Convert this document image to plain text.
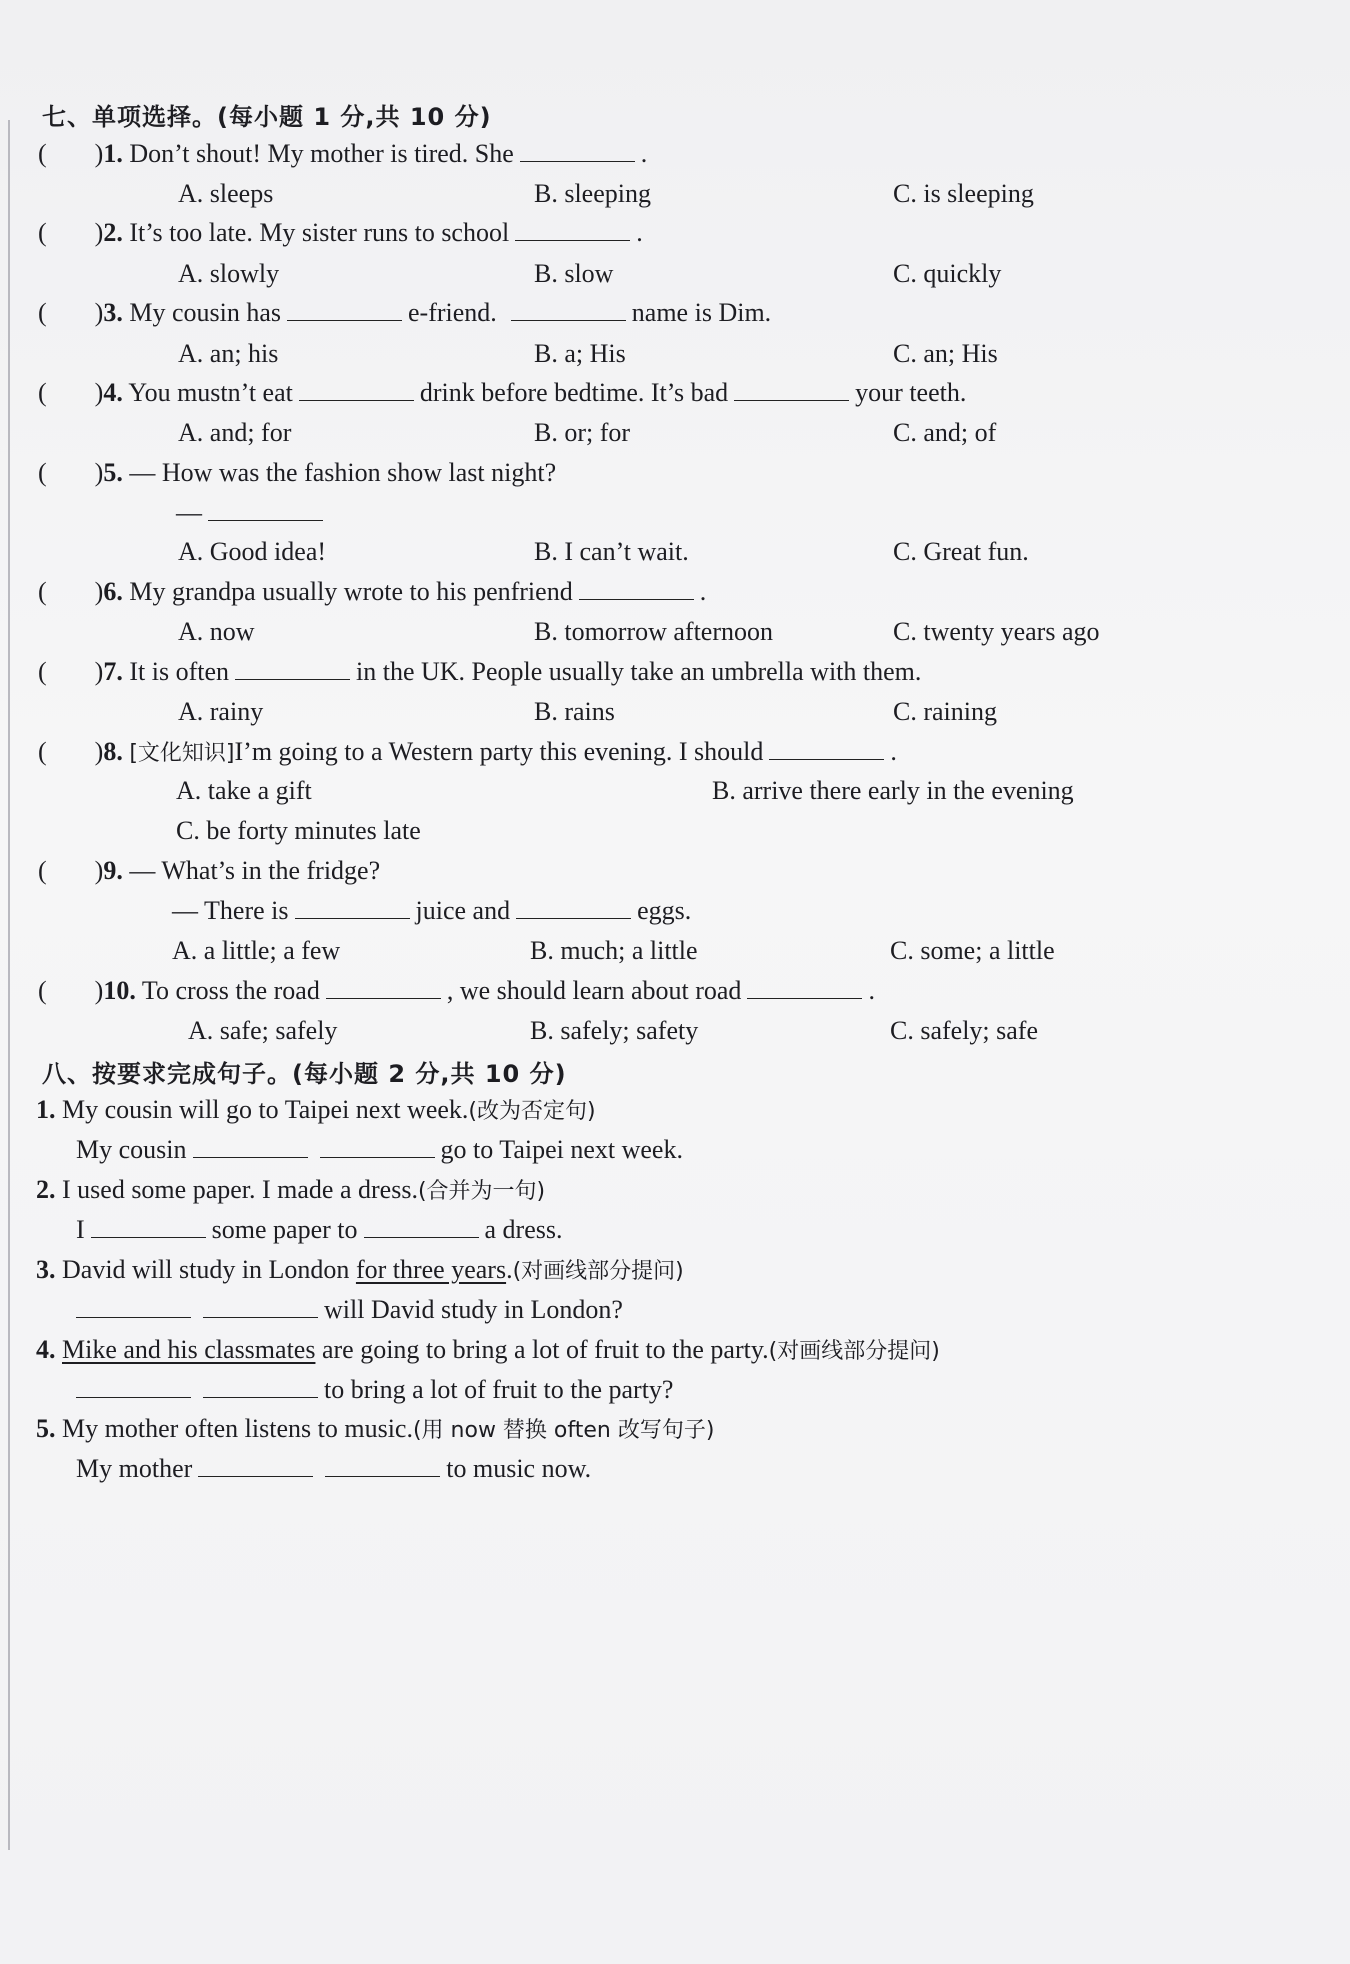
七、单项选择。(每小题 1 分,共 10 分)
( )1. Don’t shout! My mother is tired. She	.
A. sleeps	B. sleeping	C. is sleeping
( )2. It’s too late. My sister runs to school	.
A. slowly	B. slow	C. quickly
( )3. My cousin has	e-friend.	name is Dim.
A. an; his	B. a; His	C. an; His
( )4. You mustn’t eat	drink before bedtime. It’s bad	your teeth.
A. and; for	B. or; for	C. and; of
( )5. — How was the fashion show last night?
—
A. Good idea!	B. I can’t wait.	C. Great fun.
( )6. My grandpa usually wrote to his penfriend	.
A. now	B. tomorrow afternoon	C. twenty years ago
( )7. It is often	in the UK. People usually take an umbrella with them.
A. rainy	B. rains	C. raining
( )8. [文化知识]I’m going to a Western party this evening. I should	.
A. take a gift	B. arrive there early in the evening
C. be forty minutes late
( )9. — What’s in the fridge?
— There is	juice and	eggs.
A. a little; a few	B. much; a little	C. some; a little
( )10. To cross the road	, we should learn about road	.
A. safe; safely	B. safely; safety	C. safely; safe
八、按要求完成句子。(每小题 2 分,共 10 分)
1. My cousin will go to Taipei next week.(改为否定句)
My cousin	go to Taipei next week.
2. I used some paper. I made a dress.(合并为一句)
I	some paper to	a dress.
3. David will study in London for three years.(对画线部分提问)
will David study in London?
4. Mike and his classmates are going to bring a lot of fruit to the party.(对画线部分提问)
to bring a lot of fruit to the party?
5. My mother often listens to music.(用 now 替换 often 改写句子)
My mother	to music now.
